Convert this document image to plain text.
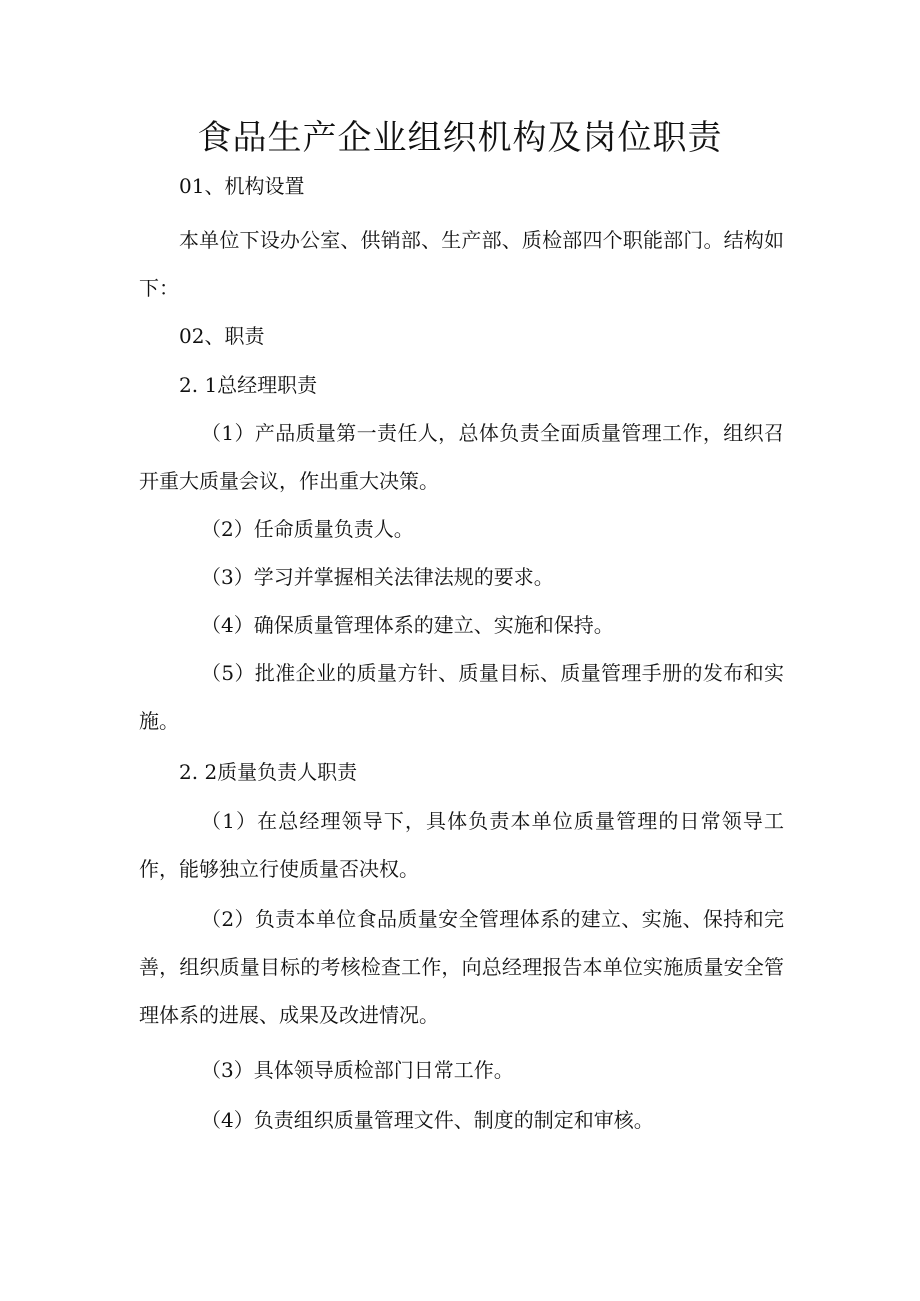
食品生产企业组织机构及岗位职责

01、机构设置

本单位下设办公室、供销部、生产部、质检部四个职能部门。结构如下：

02、职责

2. 1总经理职责

（1）产品质量第一责任人，总体负责全面质量管理工作，组织召开重大质量会议，作出重大决策。

（2）任命质量负责人。

（3）学习并掌握相关法律法规的要求。

（4）确保质量管理体系的建立、实施和保持。

（5）批准企业的质量方针、质量目标、质量管理手册的发布和实施。

2. 2质量负责人职责

（1）在总经理领导下，具体负责本单位质量管理的日常领导工作，能够独立行使质量否决权。

（2）负责本单位食品质量安全管理体系的建立、实施、保持和完善，组织质量目标的考核检查工作，向总经理报告本单位实施质量安全管理体系的进展、成果及改进情况。

（3）具体领导质检部门日常工作。

（4）负责组织质量管理文件、制度的制定和审核。
